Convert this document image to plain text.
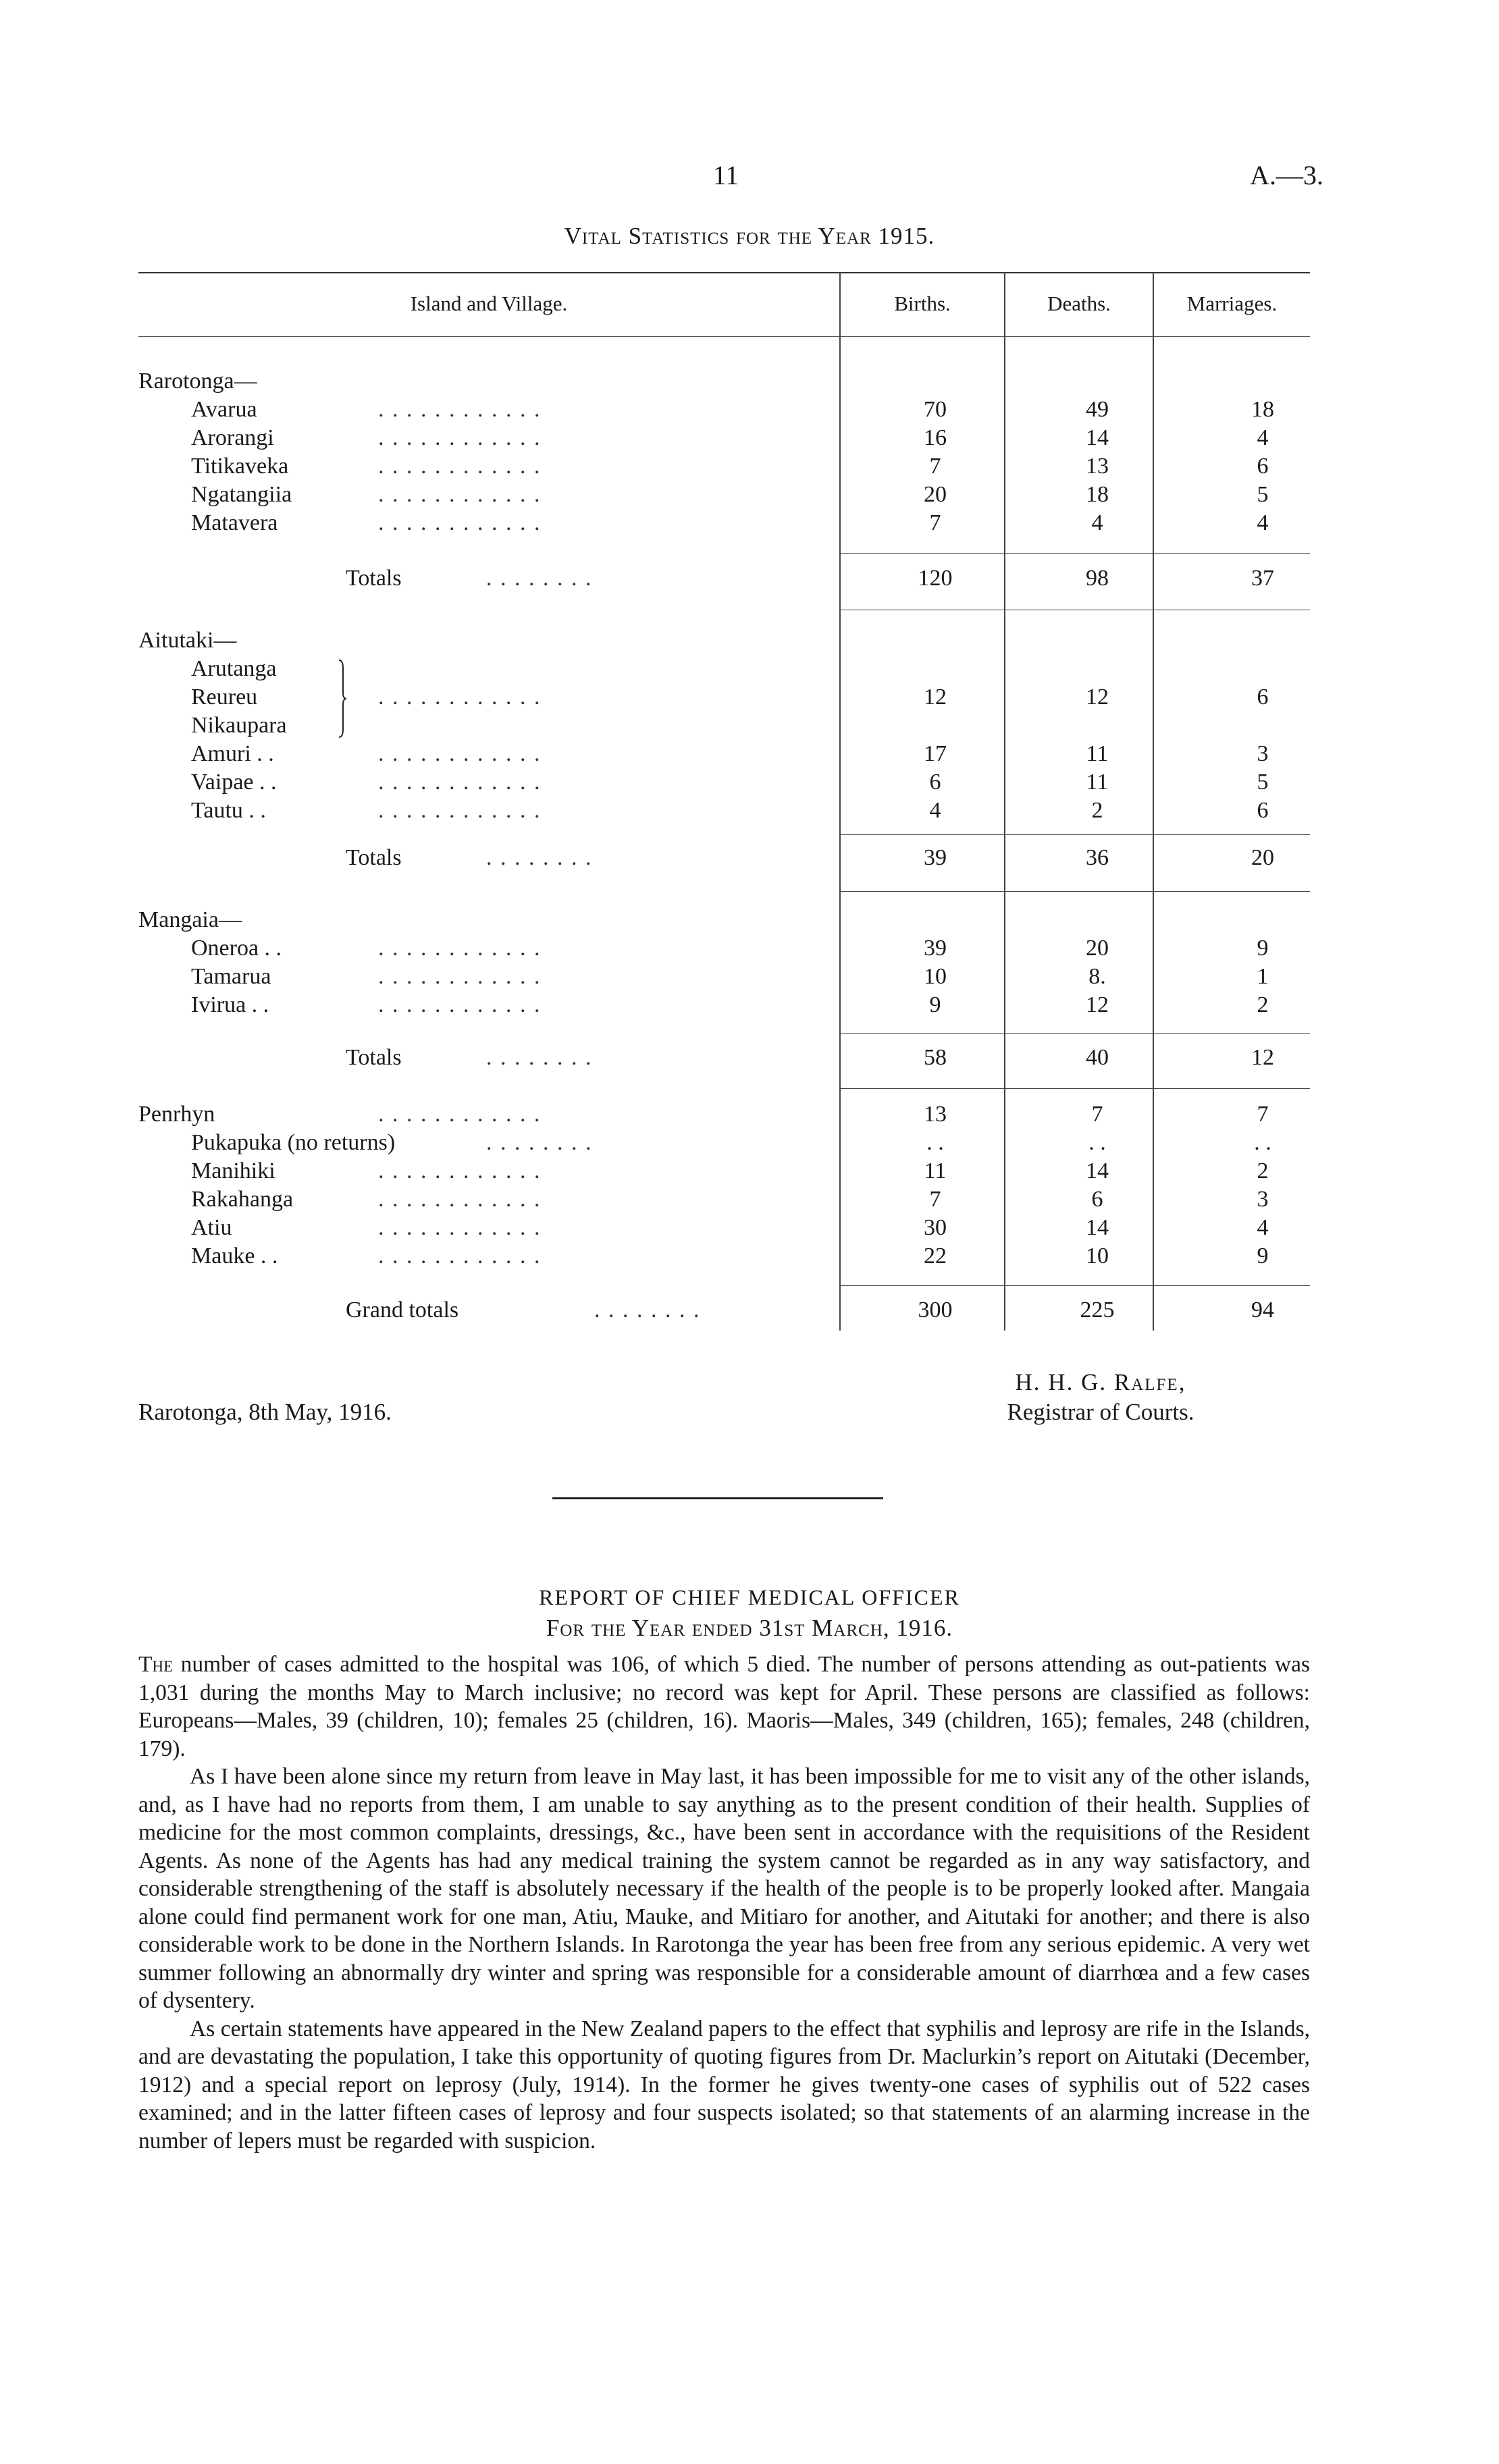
11	A.—3.
Vital Statistics for the Year 1915.
Island and Village.	Births.	Deaths.	Marriages.
Rarotonga—
Avarua	. . . . . . . . . . . .	70	49	18
Arorangi	. . . . . . . . . . . .	16	14	4
Titikaveka	. . . . . . . . . . . .	7	13	6
Ngatangiia	. . . . . . . . . . . .	20	18	5
Matavera	. . . . . . . . . . . .	7	4	4
Totals	. . . . . . . .	120	98	37
Aitutaki—
Arutanga
Reureu
Nikaupara
. . . . . . . . . . . .	12	12	6
Amuri . .	. . . . . . . . . . . .	17	11	3
Vaipae . .	. . . . . . . . . . . .	6	11	5
Tautu . .	. . . . . . . . . . . .	4	2	6
Totals	. . . . . . . .	39	36	20
Mangaia—
Oneroa . .	. . . . . . . . . . . .	39	20	9
Tamarua	. . . . . . . . . . . .	10	8.	1
Ivirua . .	. . . . . . . . . . . .	9	12	2
Totals	. . . . . . . .	58	40	12
Penrhyn	. . . . . . . . . . . .	13	7	7
Pukapuka (no returns)	. . . . . . . .	. .	. .	. .
Manihiki	. . . . . . . . . . . .	11	14	2
Rakahanga	. . . . . . . . . . . .	7	6	3
Atiu	. . . . . . . . . . . .	30	14	4
Mauke . .	. . . . . . . . . . . .	22	10	9
Grand totals	. . . . . . . .	300	225	94
Rarotonga, 8th May, 1916.
H. H. G. Ralfe,
Registrar of Courts.
REPORT OF CHIEF MEDICAL OFFICER
For the Year ended 31st March, 1916.

The number of cases admitted to the hospital was 106, of which 5 died. The number of persons attending as out-patients was 1,031 during the months May to March inclusive; no record was kept for April. These persons are classified as follows: Europeans—Males, 39 (children, 10); females 25 (children, 16). Maoris—Males, 349 (children, 165); females, 248 (children, 179).

As I have been alone since my return from leave in May last, it has been impossible for me to visit any of the other islands, and, as I have had no reports from them, I am unable to say anything as to the present condition of their health. Supplies of medicine for the most common complaints, dressings, &c., have been sent in accordance with the requisitions of the Resident Agents. As none of the Agents has had any medical training the system cannot be regarded as in any way satisfactory, and considerable strengthening of the staff is absolutely necessary if the health of the people is to be properly looked after. Mangaia alone could find permanent work for one man, Atiu, Mauke, and Mitiaro for another, and Aitutaki for another; and there is also considerable work to be done in the Northern Islands. In Rarotonga the year has been free from any serious epidemic. A very wet summer following an abnormally dry winter and spring was responsible for a considerable amount of diarrhœa and a few cases of dysentery.

As certain statements have appeared in the New Zealand papers to the effect that syphilis and leprosy are rife in the Islands, and are devastating the population, I take this opportunity of quoting figures from Dr. Maclurkin’s report on Aitutaki (December, 1912) and a special report on leprosy (July, 1914). In the former he gives twenty-one cases of syphilis out of 522 cases examined; and in the latter fifteen cases of leprosy and four suspects isolated; so that statements of an alarming increase in the number of lepers must be regarded with suspicion.
